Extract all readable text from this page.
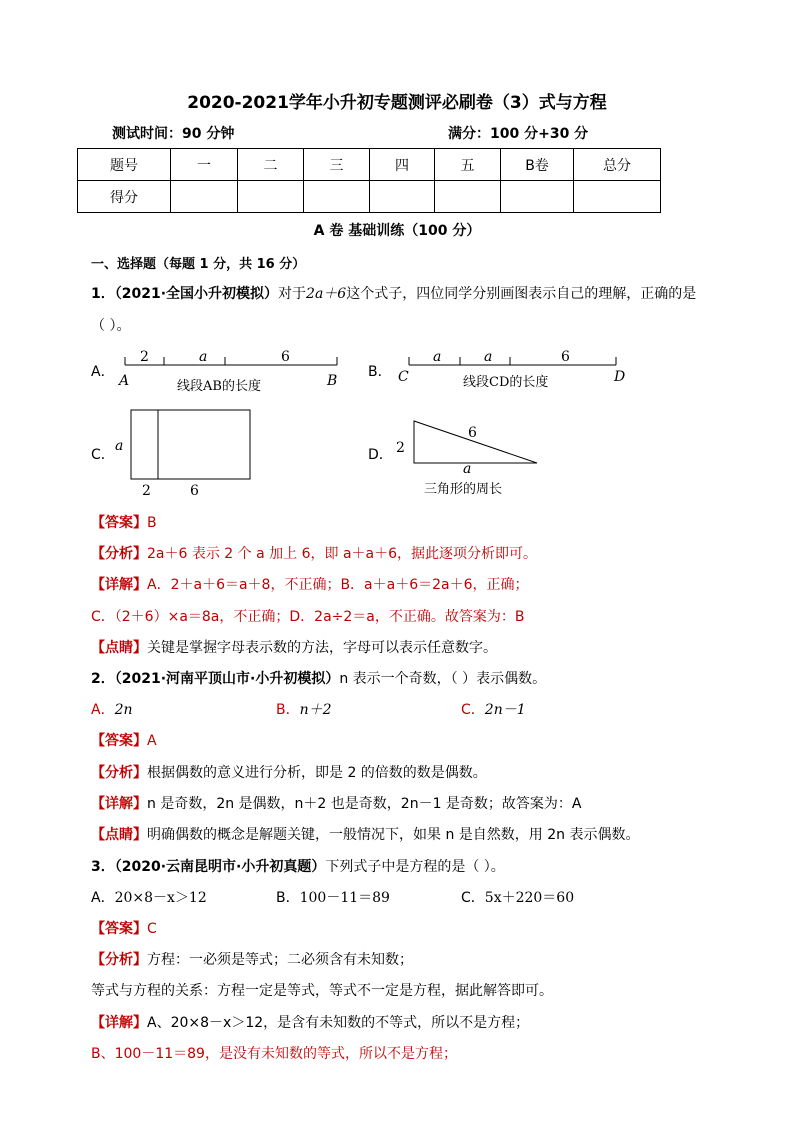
2020-2021学年小升初专题测评必刷卷（3）式与方程
测试时间：90 分钟	满分：100 分+30 分
题号	一	二	三	四	五	B卷	总分
得分							
A 卷 基础训练（100 分）
一、选择题（每题 1 分，共 16 分）
1．（2021·全国小升初模拟）对于2a＋6这个式子，四位同学分别画图表示自己的理解，正确的是
（ ）。
A．
2	a	6
A	B
线段AB的长度
B．
a	a	6
C	D
线段CD的长度
C．
a
2	6
D． 2
6
a
三角形的周长
【答案】B
【分析】2a＋6 表示 2 个 a 加上 6，即 a＋a＋6，据此逐项分析即可。
【详解】A．2＋a＋6＝a＋8，不正确；B．a＋a＋6＝2a＋6，正确；
C．（2＋6）×a＝8a，不正确；D．2a÷2＝a，不正确。故答案为：B
【点睛】关键是掌握字母表示数的方法，字母可以表示任意数字。
2．（2021·河南平顶山市·小升初模拟）n 表示一个奇数，（ ）表示偶数。
A．2n	B．n＋2	C．2n－1
【答案】A
【分析】根据偶数的意义进行分析，即是 2 的倍数的数是偶数。
【详解】n 是奇数，2n 是偶数，n＋2 也是奇数，2n－1 是奇数；故答案为：A
【点睛】明确偶数的概念是解题关键，一般情况下，如果 n 是自然数，用 2n 表示偶数。
3．（2020·云南昆明市·小升初真题）下列式子中是方程的是（ ）。
A．20×8－x＞12	B．100－11＝89	C．5x＋220＝60
【答案】C
【分析】方程：一必须是等式；二必须含有未知数；
等式与方程的关系：方程一定是等式，等式不一定是方程，据此解答即可。
【详解】A、20×8－x＞12，是含有未知数的不等式，所以不是方程；
B、100－11＝89，是没有未知数的等式，所以不是方程；
